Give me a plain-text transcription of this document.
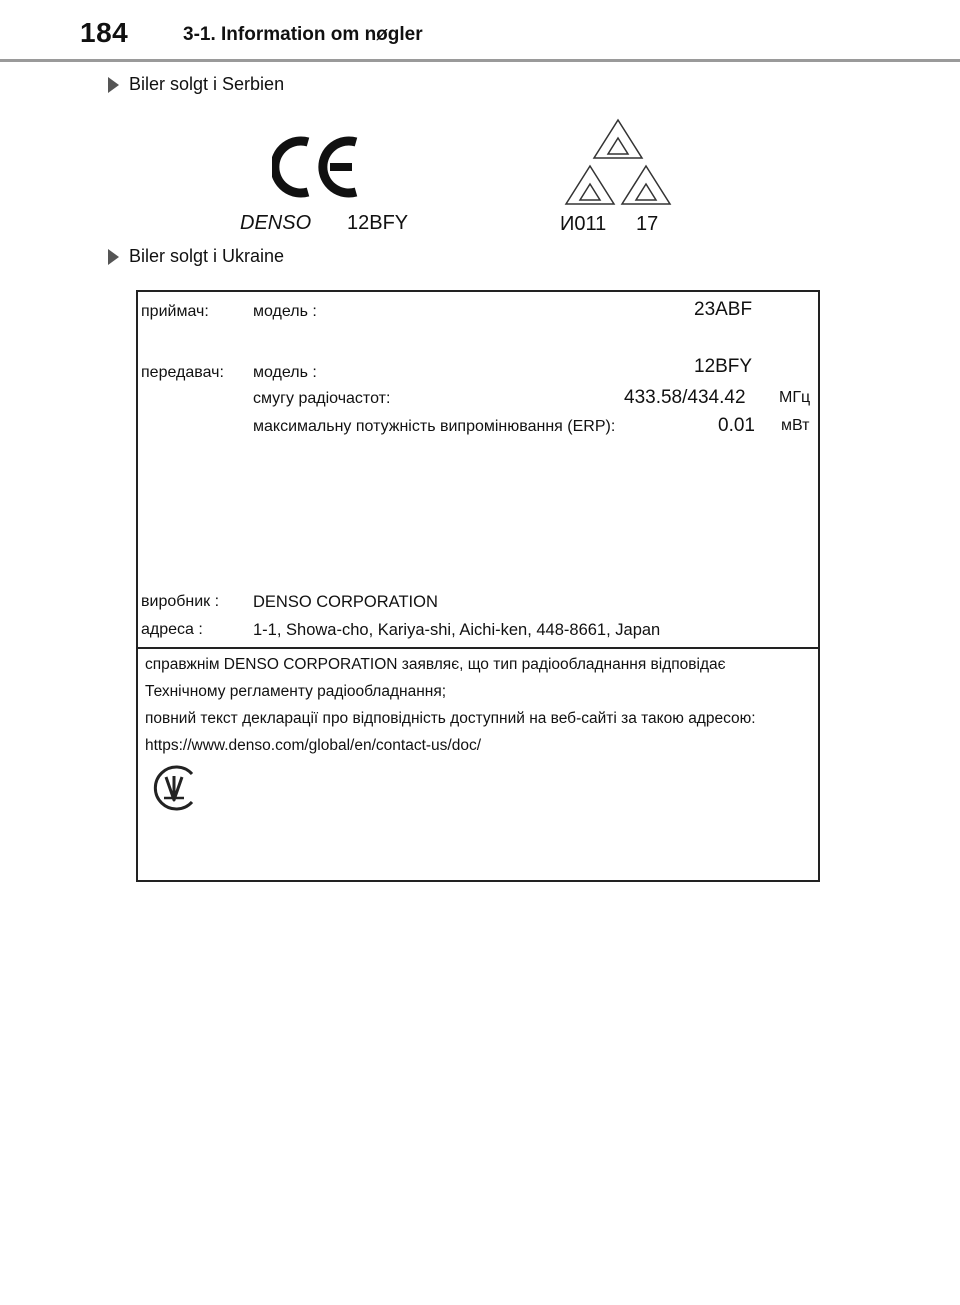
184	3-1. Information om nøgler
Biler solgt i Serbien
DENSO 12BFY	И011 17
Biler solgt i Ukraine
приймач:	модель :	23ABF
передавач: модель :	12BFY
смугу радіочастот:	433.58/434.42 МГц
максимальну потужність випромінювання (ERP):	0.01 мВт
виробник : DENSO CORPORATION
адреса :	1-1, Showa-cho, Kariya-shi, Aichi-ken, 448-8661, Japan
справжнім DENSO CORPORATION заявляє, що тип радіообладнання відповідає
Технічному регламенту радіообладнання;
повний текст декларації про відповідність доступний на веб-сайті за такою адресою:
https://www.denso.com/global/en/contact-us/doc/
